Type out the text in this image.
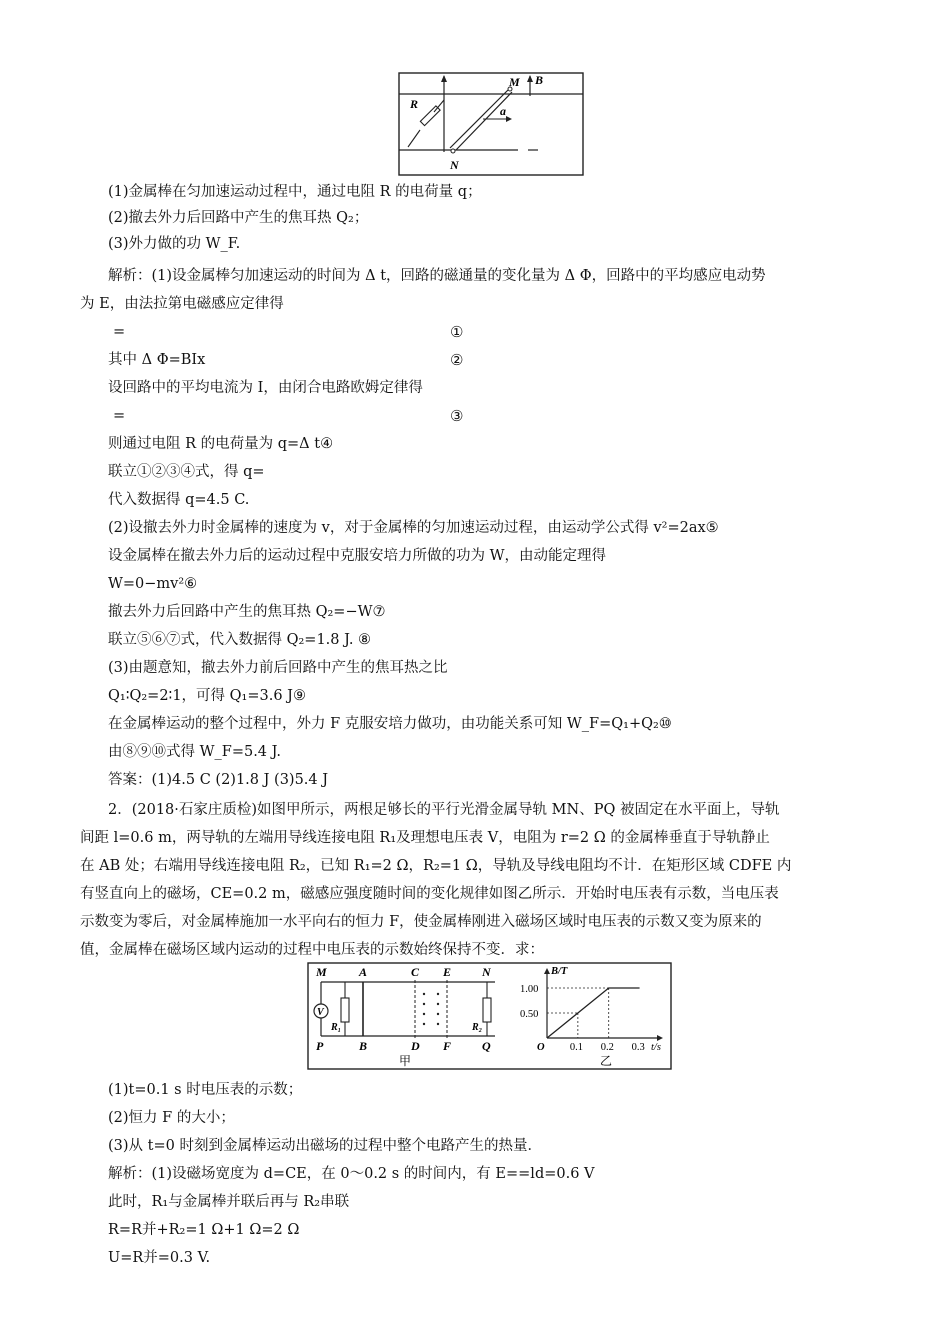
R
M B
a
N
(1)金属棒在匀加速运动过程中，通过电阻 R 的电荷量 q；
(2)撤去外力后回路中产生的焦耳热 Q₂；
(3)外力做的功 W_F.
解析：(1)设金属棒匀加速运动的时间为 Δ t，回路的磁通量的变化量为 Δ Φ，回路中的平均感应电动势
为 E，由法拉第电磁感应定律得
=	①
其中 Δ Φ=BIx	②
设回路中的平均电流为 I，由闭合电路欧姆定律得
=	③
则通过电阻 R 的电荷量为 q=Δ t④
联立①②③④式，得 q=
代入数据得 q=4.5 C.
(2)设撤去外力时金属棒的速度为 v，对于金属棒的匀加速运动过程，由运动学公式得 v²=2ax⑤
设金属棒在撤去外力后的运动过程中克服安培力所做的功为 W，由动能定理得
W=0−mv²⑥
撤去外力后回路中产生的焦耳热 Q₂=−W⑦
联立⑤⑥⑦式，代入数据得 Q₂=1.8 J. ⑧
(3)由题意知，撤去外力前后回路中产生的焦耳热之比
Q₁∶Q₂=2∶1，可得 Q₁=3.6 J⑨
在金属棒运动的整个过程中，外力 F 克服安培力做功，由功能关系可知 W_F=Q₁+Q₂⑩
由⑧⑨⑩式得 W_F=5.4 J.
答案：(1)4.5 C (2)1.8 J (3)5.4 J
2．(2018·石家庄质检)如图甲所示，两根足够长的平行光滑金属导轨 MN、PQ 被固定在水平面上，导轨
间距 l=0.6 m，两导轨的左端用导线连接电阻 R₁及理想电压表 V，电阻为 r=2 Ω 的金属棒垂直于导轨静止
在 AB 处；右端用导线连接电阻 R₂，已知 R₁=2 Ω，R₂=1 Ω，导轨及导线电阻均不计．在矩形区域 CDFE 内
有竖直向上的磁场，CE=0.2 m，磁感应强度随时间的变化规律如图乙所示．开始时电压表有示数，当电压表
示数变为零后，对金属棒施加一水平向右的恒力 F，使金属棒刚进入磁场区域时电压表的示数又变为原来的
值，金属棒在磁场区域内运动的过程中电压表的示数始终保持不变．求：
M	A	C E	N
P	B	D F	Q
V
R₁	R₂
甲
O 0.1 0.2 0.3
0.50
1.00
t/s
B/T
乙
(1)t=0.1 s 时电压表的示数；
(2)恒力 F 的大小；
(3)从 t=0 时刻到金属棒运动出磁场的过程中整个电路产生的热量．
解析：(1)设磁场宽度为 d=CE，在 0～0.2 s 的时间内，有 E==ld=0.6 V
此时，R₁与金属棒并联后再与 R₂串联
R=R并+R₂=1 Ω+1 Ω=2 Ω
U=R并=0.3 V.
